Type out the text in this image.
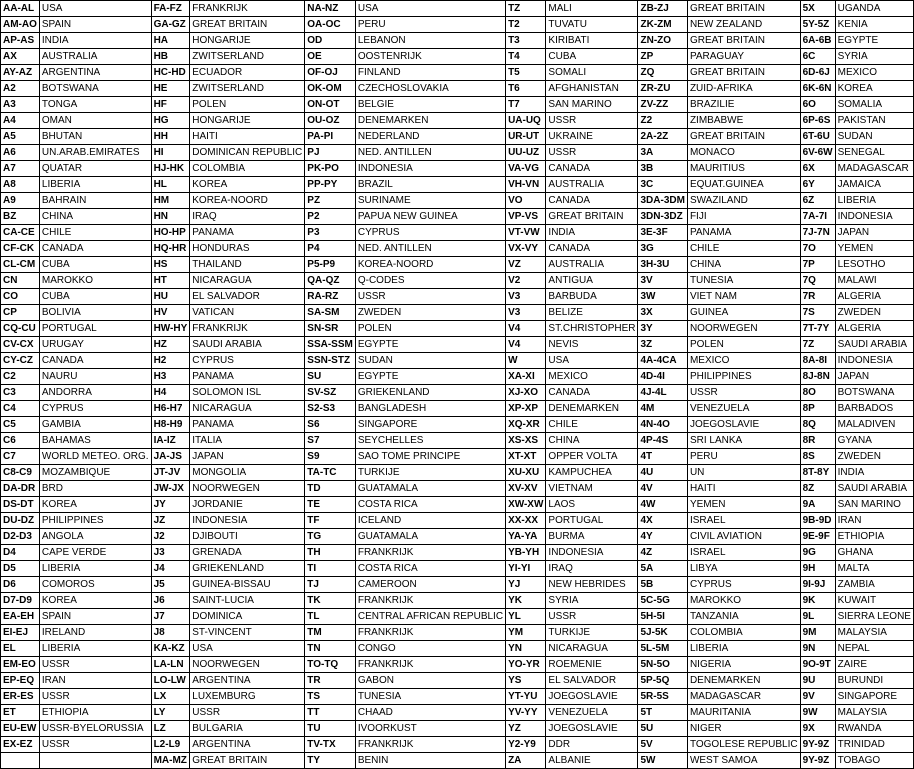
AA-AL	USA	FA-FZ	FRANKRIJK	NA-NZ	USA	TZ	MALI	ZB-ZJ	GREAT BRITAIN	5X	UGANDA
AM-AO	SPAIN	GA-GZ	GREAT BRITAIN	OA-OC	PERU	T2	TUVATU	ZK-ZM	NEW ZEALAND	5Y-5Z	KENIA
AP-AS	INDIA	HA	HONGARIJE	OD	LEBANON	T3	KIRIBATI	ZN-ZO	GREAT BRITAIN	6A-6B	EGYPTE
AX	AUSTRALIA	HB	ZWITSERLAND	OE	OOSTENRIJK	T4	CUBA	ZP	PARAGUAY	6C	SYRIA
AY-AZ	ARGENTINA	HC-HD	ECUADOR	OF-OJ	FINLAND	T5	SOMALI	ZQ	GREAT BRITAIN	6D-6J	MEXICO
A2	BOTSWANA	HE	ZWITSERLAND	OK-OM	CZECHOSLOVAKIA	T6	AFGHANISTAN	ZR-ZU	ZUID-AFRIKA	6K-6N	KOREA
A3	TONGA	HF	POLEN	ON-OT	BELGIE	T7	SAN MARINO	ZV-ZZ	BRAZILIE	6O	SOMALIA
A4	OMAN	HG	HONGARIJE	OU-OZ	DENEMARKEN	UA-UQ	USSR	Z2	ZIMBABWE	6P-6S	PAKISTAN
A5	BHUTAN	HH	HAITI	PA-PI	NEDERLAND	UR-UT	UKRAINE	2A-2Z	GREAT BRITAIN	6T-6U	SUDAN
A6	UN.ARAB.EMIRATES	HI	DOMINICAN REPUBLIC	PJ	NED. ANTILLEN	UU-UZ	USSR	3A	MONACO	6V-6W	SENEGAL
A7	QUATAR	HJ-HK	COLOMBIA	PK-PO	INDONESIA	VA-VG	CANADA	3B	MAURITIUS	6X	MADAGASCAR
A8	LIBERIA	HL	KOREA	PP-PY	BRAZIL	VH-VN	AUSTRALIA	3C	EQUAT.GUINEA	6Y	JAMAICA
A9	BAHRAIN	HM	KOREA-NOORD	PZ	SURINAME	VO	CANADA	3DA-3DM	SWAZILAND	6Z	LIBERIA
BZ	CHINA	HN	IRAQ	P2	PAPUA NEW GUINEA	VP-VS	GREAT BRITAIN	3DN-3DZ	FIJI	7A-7I	INDONESIA
CA-CE	CHILE	HO-HP	PANAMA	P3	CYPRUS	VT-VW	INDIA	3E-3F	PANAMA	7J-7N	JAPAN
CF-CK	CANADA	HQ-HR	HONDURAS	P4	NED. ANTILLEN	VX-VY	CANADA	3G	CHILE	7O	YEMEN
CL-CM	CUBA	HS	THAILAND	P5-P9	KOREA-NOORD	VZ	AUSTRALIA	3H-3U	CHINA	7P	LESOTHO
CN	MAROKKO	HT	NICARAGUA	QA-QZ	Q-CODES	V2	ANTIGUA	3V	TUNESIA	7Q	MALAWI
CO	CUBA	HU	EL SALVADOR	RA-RZ	USSR	V3	BARBUDA	3W	VIET NAM	7R	ALGERIA
CP	BOLIVIA	HV	VATICAN	SA-SM	ZWEDEN	V3	BELIZE	3X	GUINEA	7S	ZWEDEN
CQ-CU	PORTUGAL	HW-HY	FRANKRIJK	SN-SR	POLEN	V4	ST.CHRISTOPHER	3Y	NOORWEGEN	7T-7Y	ALGERIA
CV-CX	URUGAY	HZ	SAUDI ARABIA	SSA-SSM	EGYPTE	V4	NEVIS	3Z	POLEN	7Z	SAUDI ARABIA
CY-CZ	CANADA	H2	CYPRUS	SSN-STZ	SUDAN	W	USA	4A-4CA	MEXICO	8A-8I	INDONESIA
C2	NAURU	H3	PANAMA	SU	EGYPTE	XA-XI	MEXICO	4D-4I	PHILIPPINES	8J-8N	JAPAN
C3	ANDORRA	H4	SOLOMON ISL	SV-SZ	GRIEKENLAND	XJ-XO	CANADA	4J-4L	USSR	8O	BOTSWANA
C4	CYPRUS	H6-H7	NICARAGUA	S2-S3	BANGLADESH	XP-XP	DENEMARKEN	4M	VENEZUELA	8P	BARBADOS
C5	GAMBIA	H8-H9	PANAMA	S6	SINGAPORE	XQ-XR	CHILE	4N-4O	JOEGOSLAVIE	8Q	MALADIVEN
C6	BAHAMAS	IA-IZ	ITALIA	S7	SEYCHELLES	XS-XS	CHINA	4P-4S	SRI LANKA	8R	GYANA
C7	WORLD METEO. ORG.	JA-JS	JAPAN	S9	SAO TOME PRINCIPE	XT-XT	OPPER VOLTA	4T	PERU	8S	ZWEDEN
C8-C9	MOZAMBIQUE	JT-JV	MONGOLIA	TA-TC	TURKIJE	XU-XU	KAMPUCHEA	4U	UN	8T-8Y	INDIA
DA-DR	BRD	JW-JX	NOORWEGEN	TD	GUATAMALA	XV-XV	VIETNAM	4V	HAITI	8Z	SAUDI ARABIA
DS-DT	KOREA	JY	JORDANIE	TE	COSTA RICA	XW-XW	LAOS	4W	YEMEN	9A	SAN MARINO
DU-DZ	PHILIPPINES	JZ	INDONESIA	TF	ICELAND	XX-XX	PORTUGAL	4X	ISRAEL	9B-9D	IRAN
D2-D3	ANGOLA	J2	DJIBOUTI	TG	GUATAMALA	YA-YA	BURMA	4Y	CIVIL AVIATION	9E-9F	ETHIOPIA
D4	CAPE VERDE	J3	GRENADA	TH	FRANKRIJK	YB-YH	INDONESIA	4Z	ISRAEL	9G	GHANA
D5	LIBERIA	J4	GRIEKENLAND	TI	COSTA RICA	YI-YI	IRAQ	5A	LIBYA	9H	MALTA
D6	COMOROS	J5	GUINEA-BISSAU	TJ	CAMEROON	YJ	NEW HEBRIDES	5B	CYPRUS	9I-9J	ZAMBIA
D7-D9	KOREA	J6	SAINT-LUCIA	TK	FRANKRIJK	YK	SYRIA	5C-5G	MAROKKO	9K	KUWAIT
EA-EH	SPAIN	J7	DOMINICA	TL	CENTRAL AFRICAN REPUBLIC	YL	USSR	5H-5I	TANZANIA	9L	SIERRA LEONE
EI-EJ	IRELAND	J8	ST-VINCENT	TM	FRANKRIJK	YM	TURKIJE	5J-5K	COLOMBIA	9M	MALAYSIA
EL	LIBERIA	KA-KZ	USA	TN	CONGO	YN	NICARAGUA	5L-5M	LIBERIA	9N	NEPAL
EM-EO	USSR	LA-LN	NOORWEGEN	TO-TQ	FRANKRIJK	YO-YR	ROEMENIE	5N-5O	NIGERIA	9O-9T	ZAIRE
EP-EQ	IRAN	LO-LW	ARGENTINA	TR	GABON	YS	EL SALVADOR	5P-5Q	DENEMARKEN	9U	BURUNDI
ER-ES	USSR	LX	LUXEMBURG	TS	TUNESIA	YT-YU	JOEGOSLAVIE	5R-5S	MADAGASCAR	9V	SINGAPORE
ET	ETHIOPIA	LY	USSR	TT	CHAAD	YV-YY	VENEZUELA	5T	MAURITANIA	9W	MALAYSIA
EU-EW	USSR-BYELORUSSIA	LZ	BULGARIA	TU	IVOORKUST	YZ	JOEGOSLAVIE	5U	NIGER	9X	RWANDA
EX-EZ	USSR	L2-L9	ARGENTINA	TV-TX	FRANKRIJK	Y2-Y9	DDR	5V	TOGOLESE REPUBLIC	9Y-9Z	TRINIDAD
		MA-MZ	GREAT BRITAIN	TY	BENIN	ZA	ALBANIE	5W	WEST SAMOA	9Y-9Z	TOBAGO
